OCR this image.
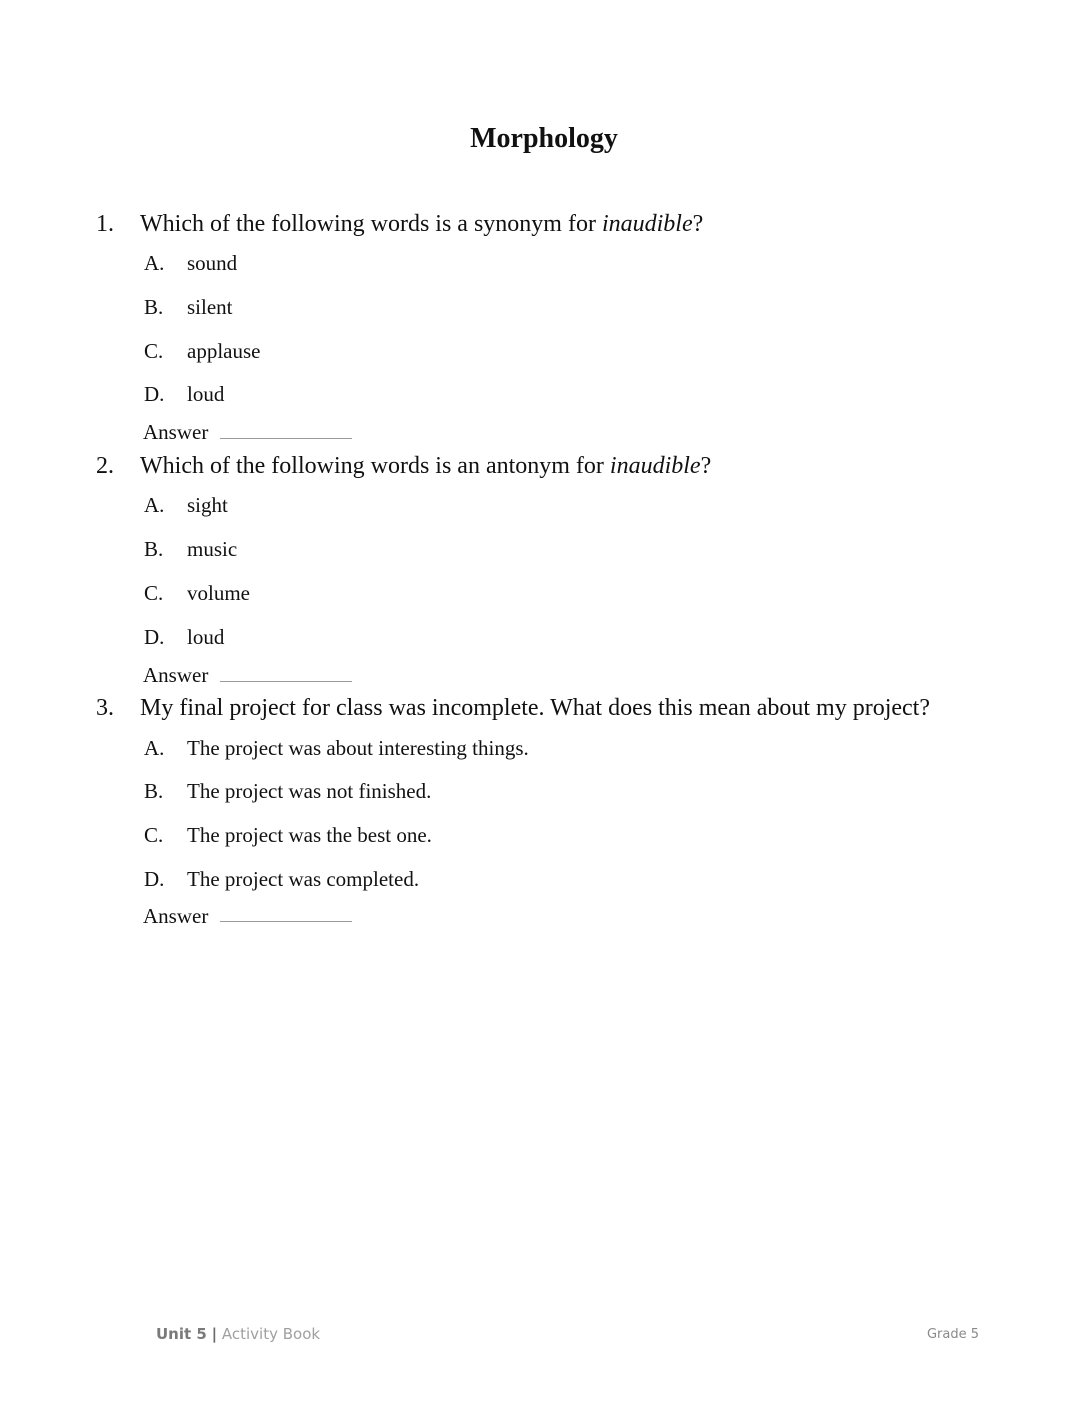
Morphology
1. Which of the following words is a synonym for inaudible?
A. sound
B. silent
C. applause
D. loud
Answer
2. Which of the following words is an antonym for inaudible?
A. sight
B. music
C. volume
D. loud
Answer
3. My final project for class was incomplete. What does this mean about my project?
A. The project was about interesting things.
B. The project was not finished.
C. The project was the best one.
D. The project was completed.
Answer
Unit 5 | Activity Book	Grade 5
